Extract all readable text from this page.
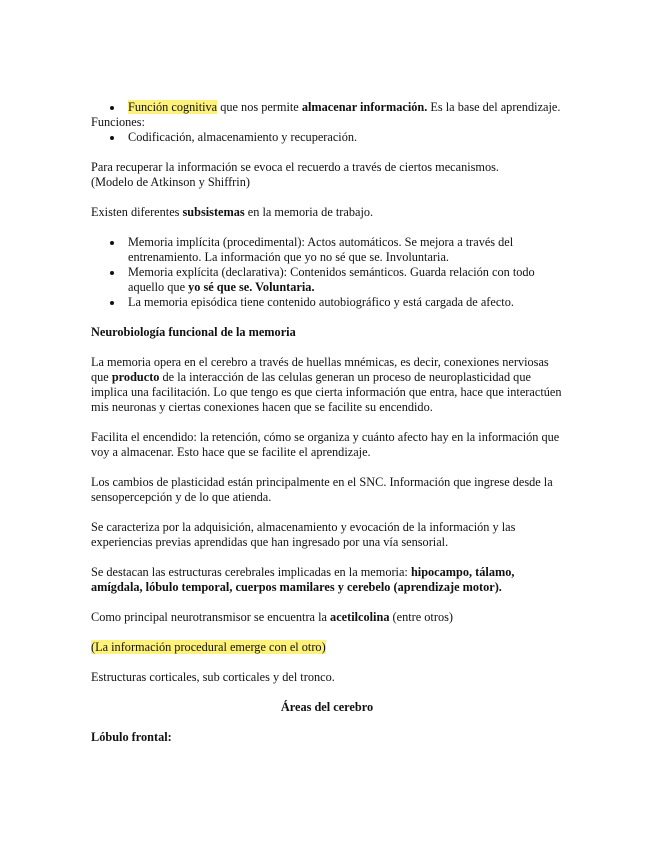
Función cognitiva que nos permite almacenar información. Es la base del aprendizaje.

Funciones:

Codificación, almacenamiento y recuperación.

Para recuperar la información se evoca el recuerdo a través de ciertos mecanismos.

(Modelo de Atkinson y Shiffrin)

Existen diferentes subsistemas en la memoria de trabajo.

Memoria implícita (procedimental): Actos automáticos. Se mejora a través del entrenamiento. La información que yo no sé que se. Involuntaria.
Memoria explícita (declarativa): Contenidos semánticos. Guarda relación con todo aquello que yo sé que se. Voluntaria.
La memoria episódica tiene contenido autobiográfico y está cargada de afecto.

Neurobiología funcional de la memoria

La memoria opera en el cerebro a través de huellas mnémicas, es decir, conexiones nerviosas que producto de la interacción de las celulas generan un proceso de neuroplasticidad que implica una facilitación. Lo que tengo es que cierta información que entra, hace que interactúen mis neuronas y ciertas conexiones hacen que se facilite su encendido.

Facilita el encendido: la retención, cómo se organiza y cuánto afecto hay en la información que voy a almacenar. Esto hace que se facilite el aprendizaje.

Los cambios de plasticidad están principalmente en el SNC. Información que ingrese desde la sensopercepción y de lo que atienda.

Se caracteriza por la adquisición, almacenamiento y evocación de la información y las experiencias previas aprendidas que han ingresado por una vía sensorial.

Se destacan las estructuras cerebrales implicadas en la memoria: hipocampo, tálamo, amígdala, lóbulo temporal, cuerpos mamilares y cerebelo (aprendizaje motor).

Como principal neurotransmisor se encuentra la acetilcolina (entre otros)

(La información procedural emerge con el otro)

Estructuras corticales, sub corticales y del tronco.

Áreas del cerebro

Lóbulo frontal:
